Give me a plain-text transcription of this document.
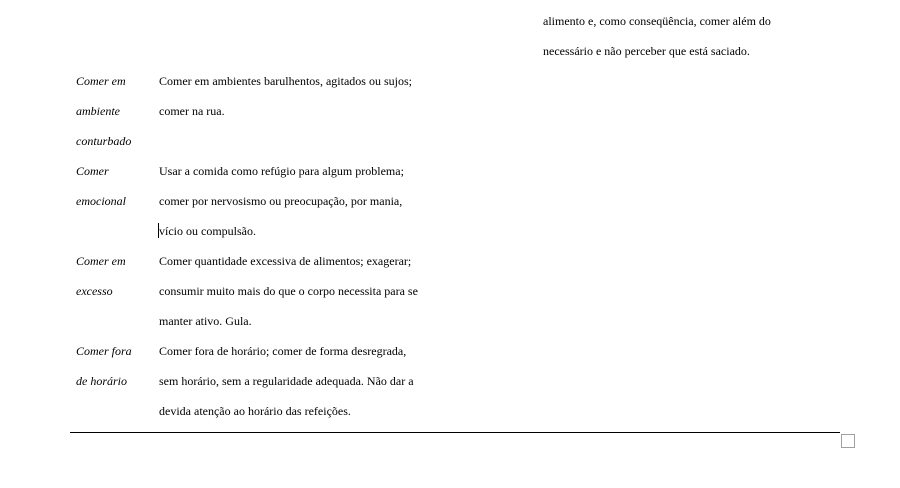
alimento e, como conseqüência, comer além do
necessário e não perceber que está saciado.
Comer em
ambiente
conturbado
Comer em ambientes barulhentos, agitados ou sujos;
comer na rua.
Comer
emocional
Usar a comida como refúgio para algum problema;
comer por nervosismo ou preocupação, por mania,
vício ou compulsão.
Comer em
excesso
Comer quantidade excessiva de alimentos; exagerar;
consumir muito mais do que o corpo necessita para se
manter ativo. Gula.
Comer fora
de horário
Comer fora de horário; comer de forma desregrada,
sem horário, sem a regularidade adequada. Não dar a
devida atenção ao horário das refeições.
